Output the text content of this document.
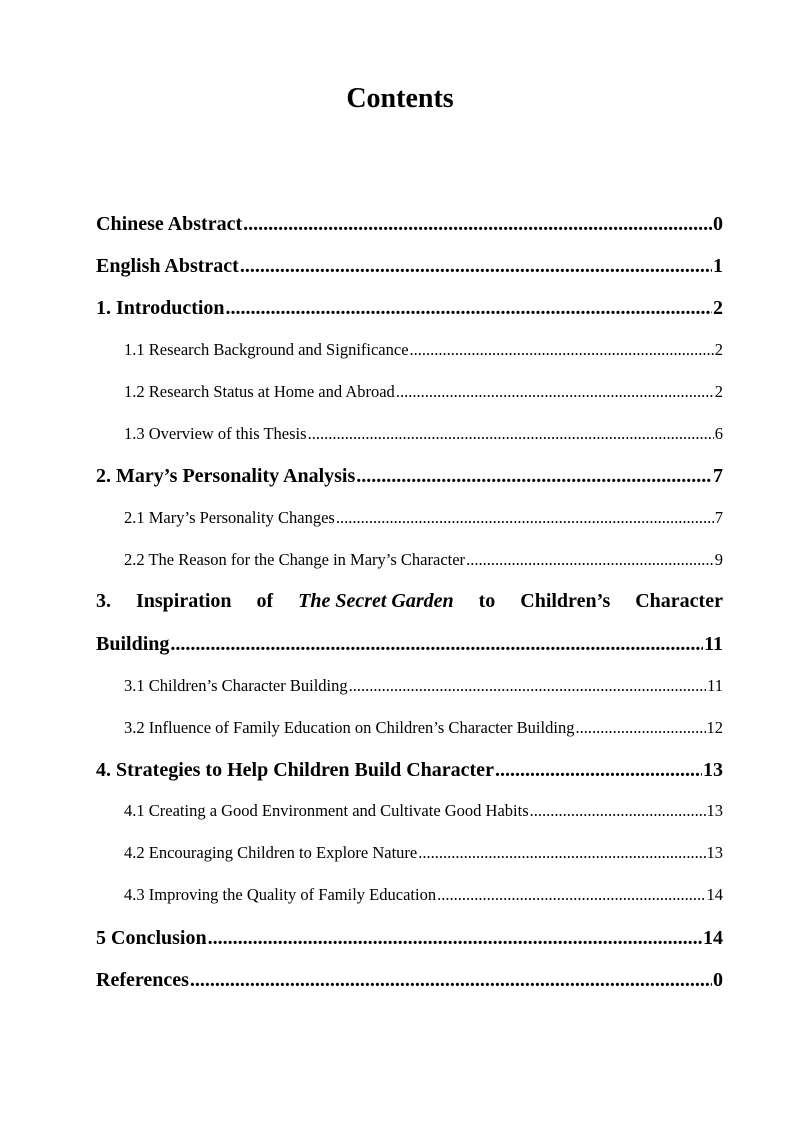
Contents
Chinese Abstract .....	0
English Abstract .....	1
1. Introduction .....	2
1.1 Research Background and Significance .....	2
1.2 Research Status at Home and Abroad .....	2
1.3 Overview of this Thesis .....	6
2. Mary’s Personality Analysis .....	7
2.1 Mary’s Personality Changes .....	7
2.2 The Reason for the Change in Mary’s Character .....	9
3. Inspiration of The Secret Garden to Children’s Character
Building .....	11
3.1 Children’s Character Building .....	11
3.2 Influence of Family Education on Children’s Character Building .....	12
4. Strategies to Help Children Build Character .....	13
4.1 Creating a Good Environment and Cultivate Good Habits .....	13
4.2 Encouraging Children to Explore Nature .....	13
4.3 Improving the Quality of Family Education .....	14
5 Conclusion .....	14
References .....	0
